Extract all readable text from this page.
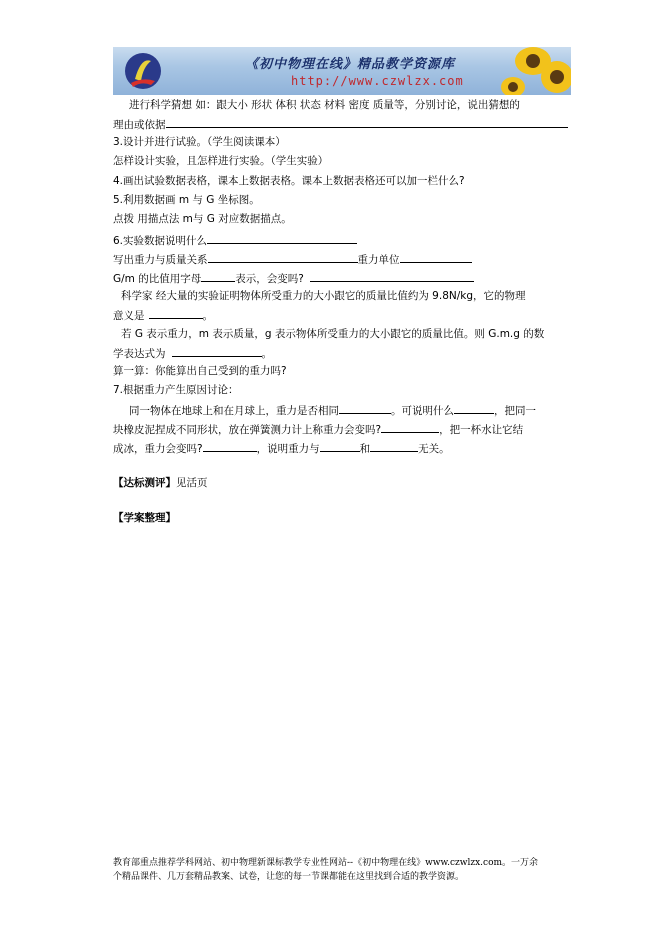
《初中物理在线》精品教学资源库
http://www.czwlzx.com
进行科学猜想 如：跟大小 形状 体积 状态 材料 密度 质量等，分别讨论，说出猜想的
理由或依据
3.设计并进行试验。（学生阅读课本）
怎样设计实验，且怎样进行实验。（学生实验）
4.画出试验数据表格，课本上数据表格。课本上数据表格还可以加一栏什么?
5.利用数据画 m 与 G 坐标图。
点拨 用描点法 m与 G 对应数据描点。
6.实验数据说明什么
写出重力与质量关系	重力单位
G/m 的比值用字母	表示，会变吗?
科学家 经大量的实验证明物体所受重力的大小跟它的质量比值约为 9.8N/kg，它的物理
意义是	。
若 G 表示重力，m 表示质量，g 表示物体所受重力的大小跟它的质量比值。则 G.m.g 的数
学表达式为	。
算一算：你能算出自己受到的重力吗?
7.根据重力产生原因讨论：
同一物体在地球上和在月球上，重力是否相同	。可说明什么	，把同一
块橡皮泥捏成不同形状，放在弹簧测力计上称重力会变吗?	，把一杯水让它结
成冰，重力会变吗?	，说明重力与	和	无关。
【达标测评】见活页
【学案整理】
教育部重点推荐学科网站、初中物理新课标教学专业性网站--《初中物理在线》www.czwlzx.com。一万余
个精品课件、几万套精品教案、试卷，让您的每一节课都能在这里找到合适的教学资源。
